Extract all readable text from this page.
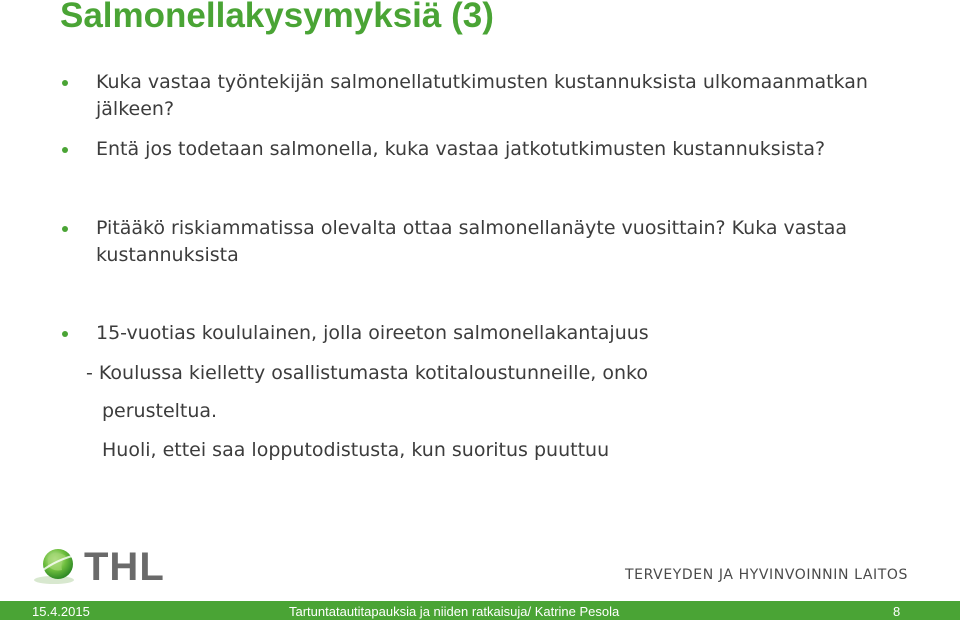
Salmonellakysymyksiä (3)
Kuka vastaa työntekijän salmonellatutkimusten kustannuksista ulkomaanmatkan jälkeen?
Entä jos todetaan salmonella, kuka vastaa jatkotutkimusten kustannuksista?
Pitääkö riskiammatissa olevalta ottaa salmonellanäyte vuosittain? Kuka vastaa kustannuksista
15-vuotias koululainen, jolla oireeton salmonellakantajuus
- Koulussa kielletty osallistumasta kotitaloustunneille, onko
perusteltua.
Huoli, ettei saa lopputodistusta, kun suoritus puuttuu
THL	TERVEYDEN JA HYVINVOINNIN LAITOS
15.4.2015	Tartuntatautitapauksia ja niiden ratkaisuja/ Katrine Pesola	8
